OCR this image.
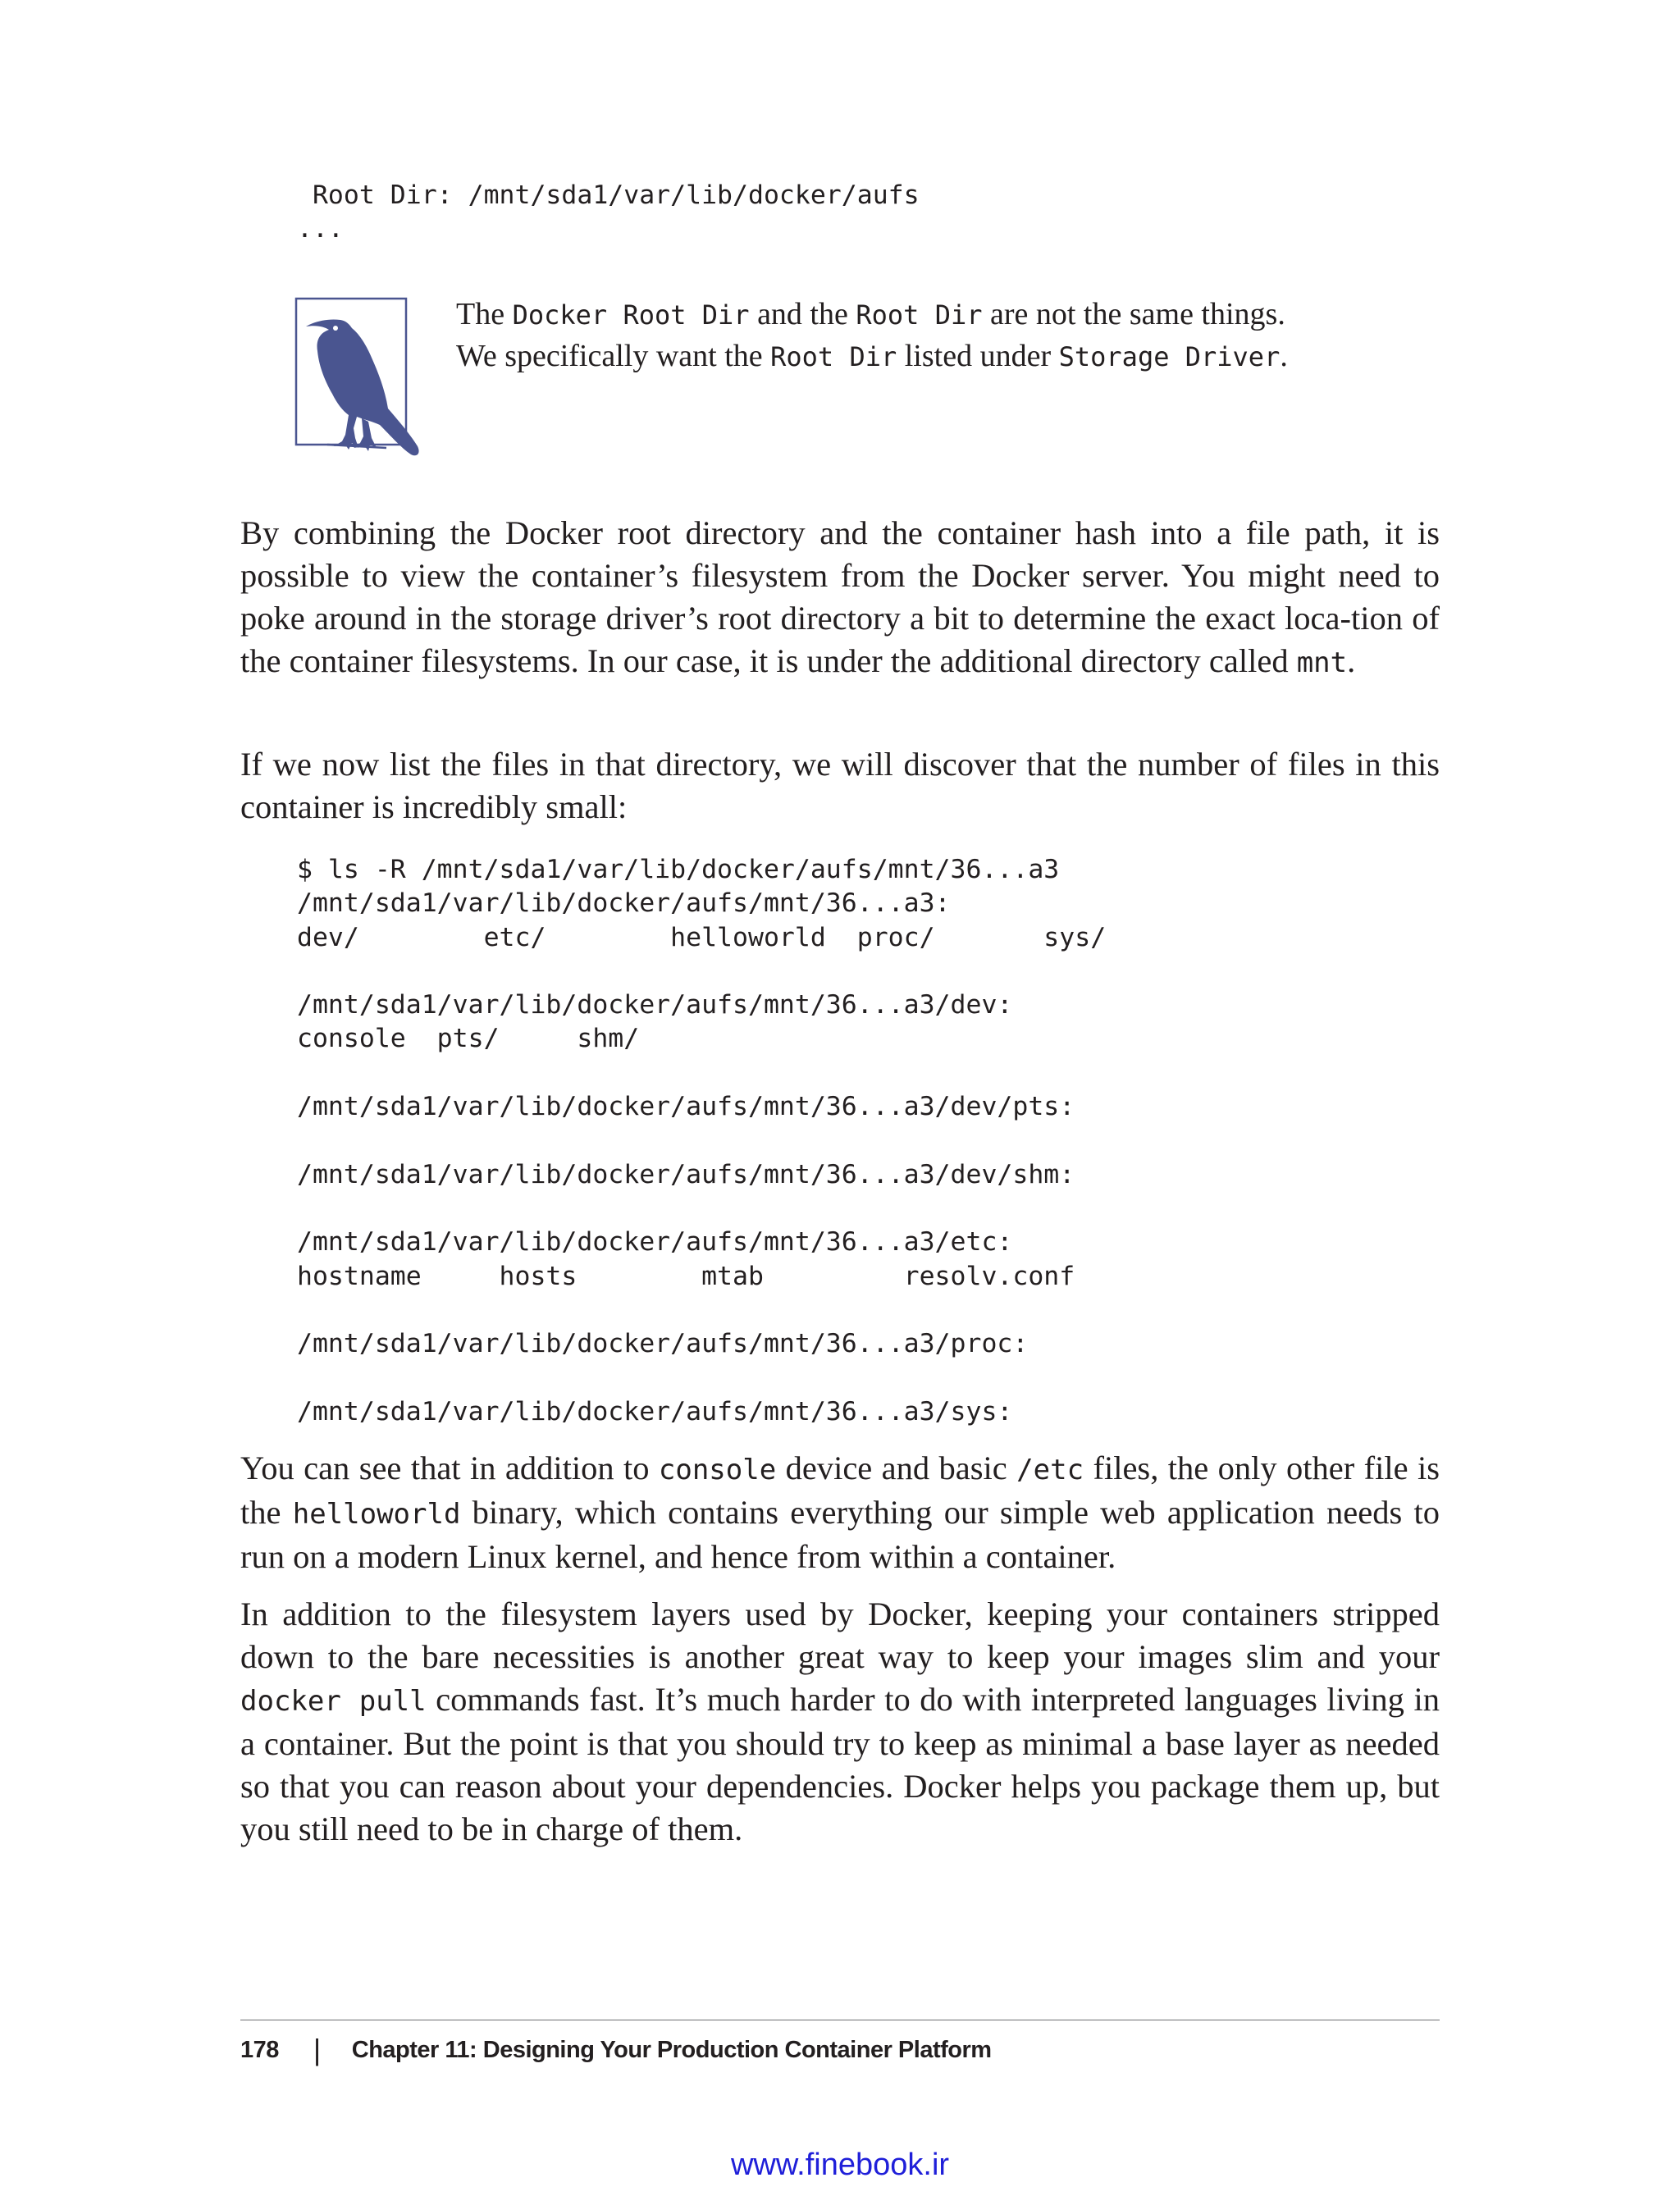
Root Dir: /mnt/sda1/var/lib/docker/aufs
...
The Docker Root Dir and the Root Dir are not the same things.
We specifically want the Root Dir listed under Storage Driver.

By combining the Docker root directory and the container hash into a file path, it is possible to view the container’s filesystem from the Docker server. You might need to poke around in the storage driver’s root directory a bit to determine the exact loca-tion of the container filesystems. In our case, it is under the additional directory called mnt.

If we now list the files in that directory, we will discover that the number of files in this container is incredibly small:

$ ls -R /mnt/sda1/var/lib/docker/aufs/mnt/36...a3
/mnt/sda1/var/lib/docker/aufs/mnt/36...a3:
dev/        etc/        helloworld  proc/       sys/

/mnt/sda1/var/lib/docker/aufs/mnt/36...a3/dev:
console  pts/     shm/

/mnt/sda1/var/lib/docker/aufs/mnt/36...a3/dev/pts:

/mnt/sda1/var/lib/docker/aufs/mnt/36...a3/dev/shm:

/mnt/sda1/var/lib/docker/aufs/mnt/36...a3/etc:
hostname     hosts        mtab         resolv.conf

/mnt/sda1/var/lib/docker/aufs/mnt/36...a3/proc:

/mnt/sda1/var/lib/docker/aufs/mnt/36...a3/sys:

You can see that in addition to console device and basic /etc files, the only other file is the helloworld binary, which contains everything our simple web application needs to run on a modern Linux kernel, and hence from within a container.

In addition to the filesystem layers used by Docker, keeping your containers stripped down to the bare necessities is another great way to keep your images slim and your docker pull commands fast. It’s much harder to do with interpreted languages living in a container. But the point is that you should try to keep as minimal a base layer as needed so that you can reason about your dependencies. Docker helps you package them up, but you still need to be in charge of them.

178 | Chapter 11: Designing Your Production Container Platform
www.finebook.ir
